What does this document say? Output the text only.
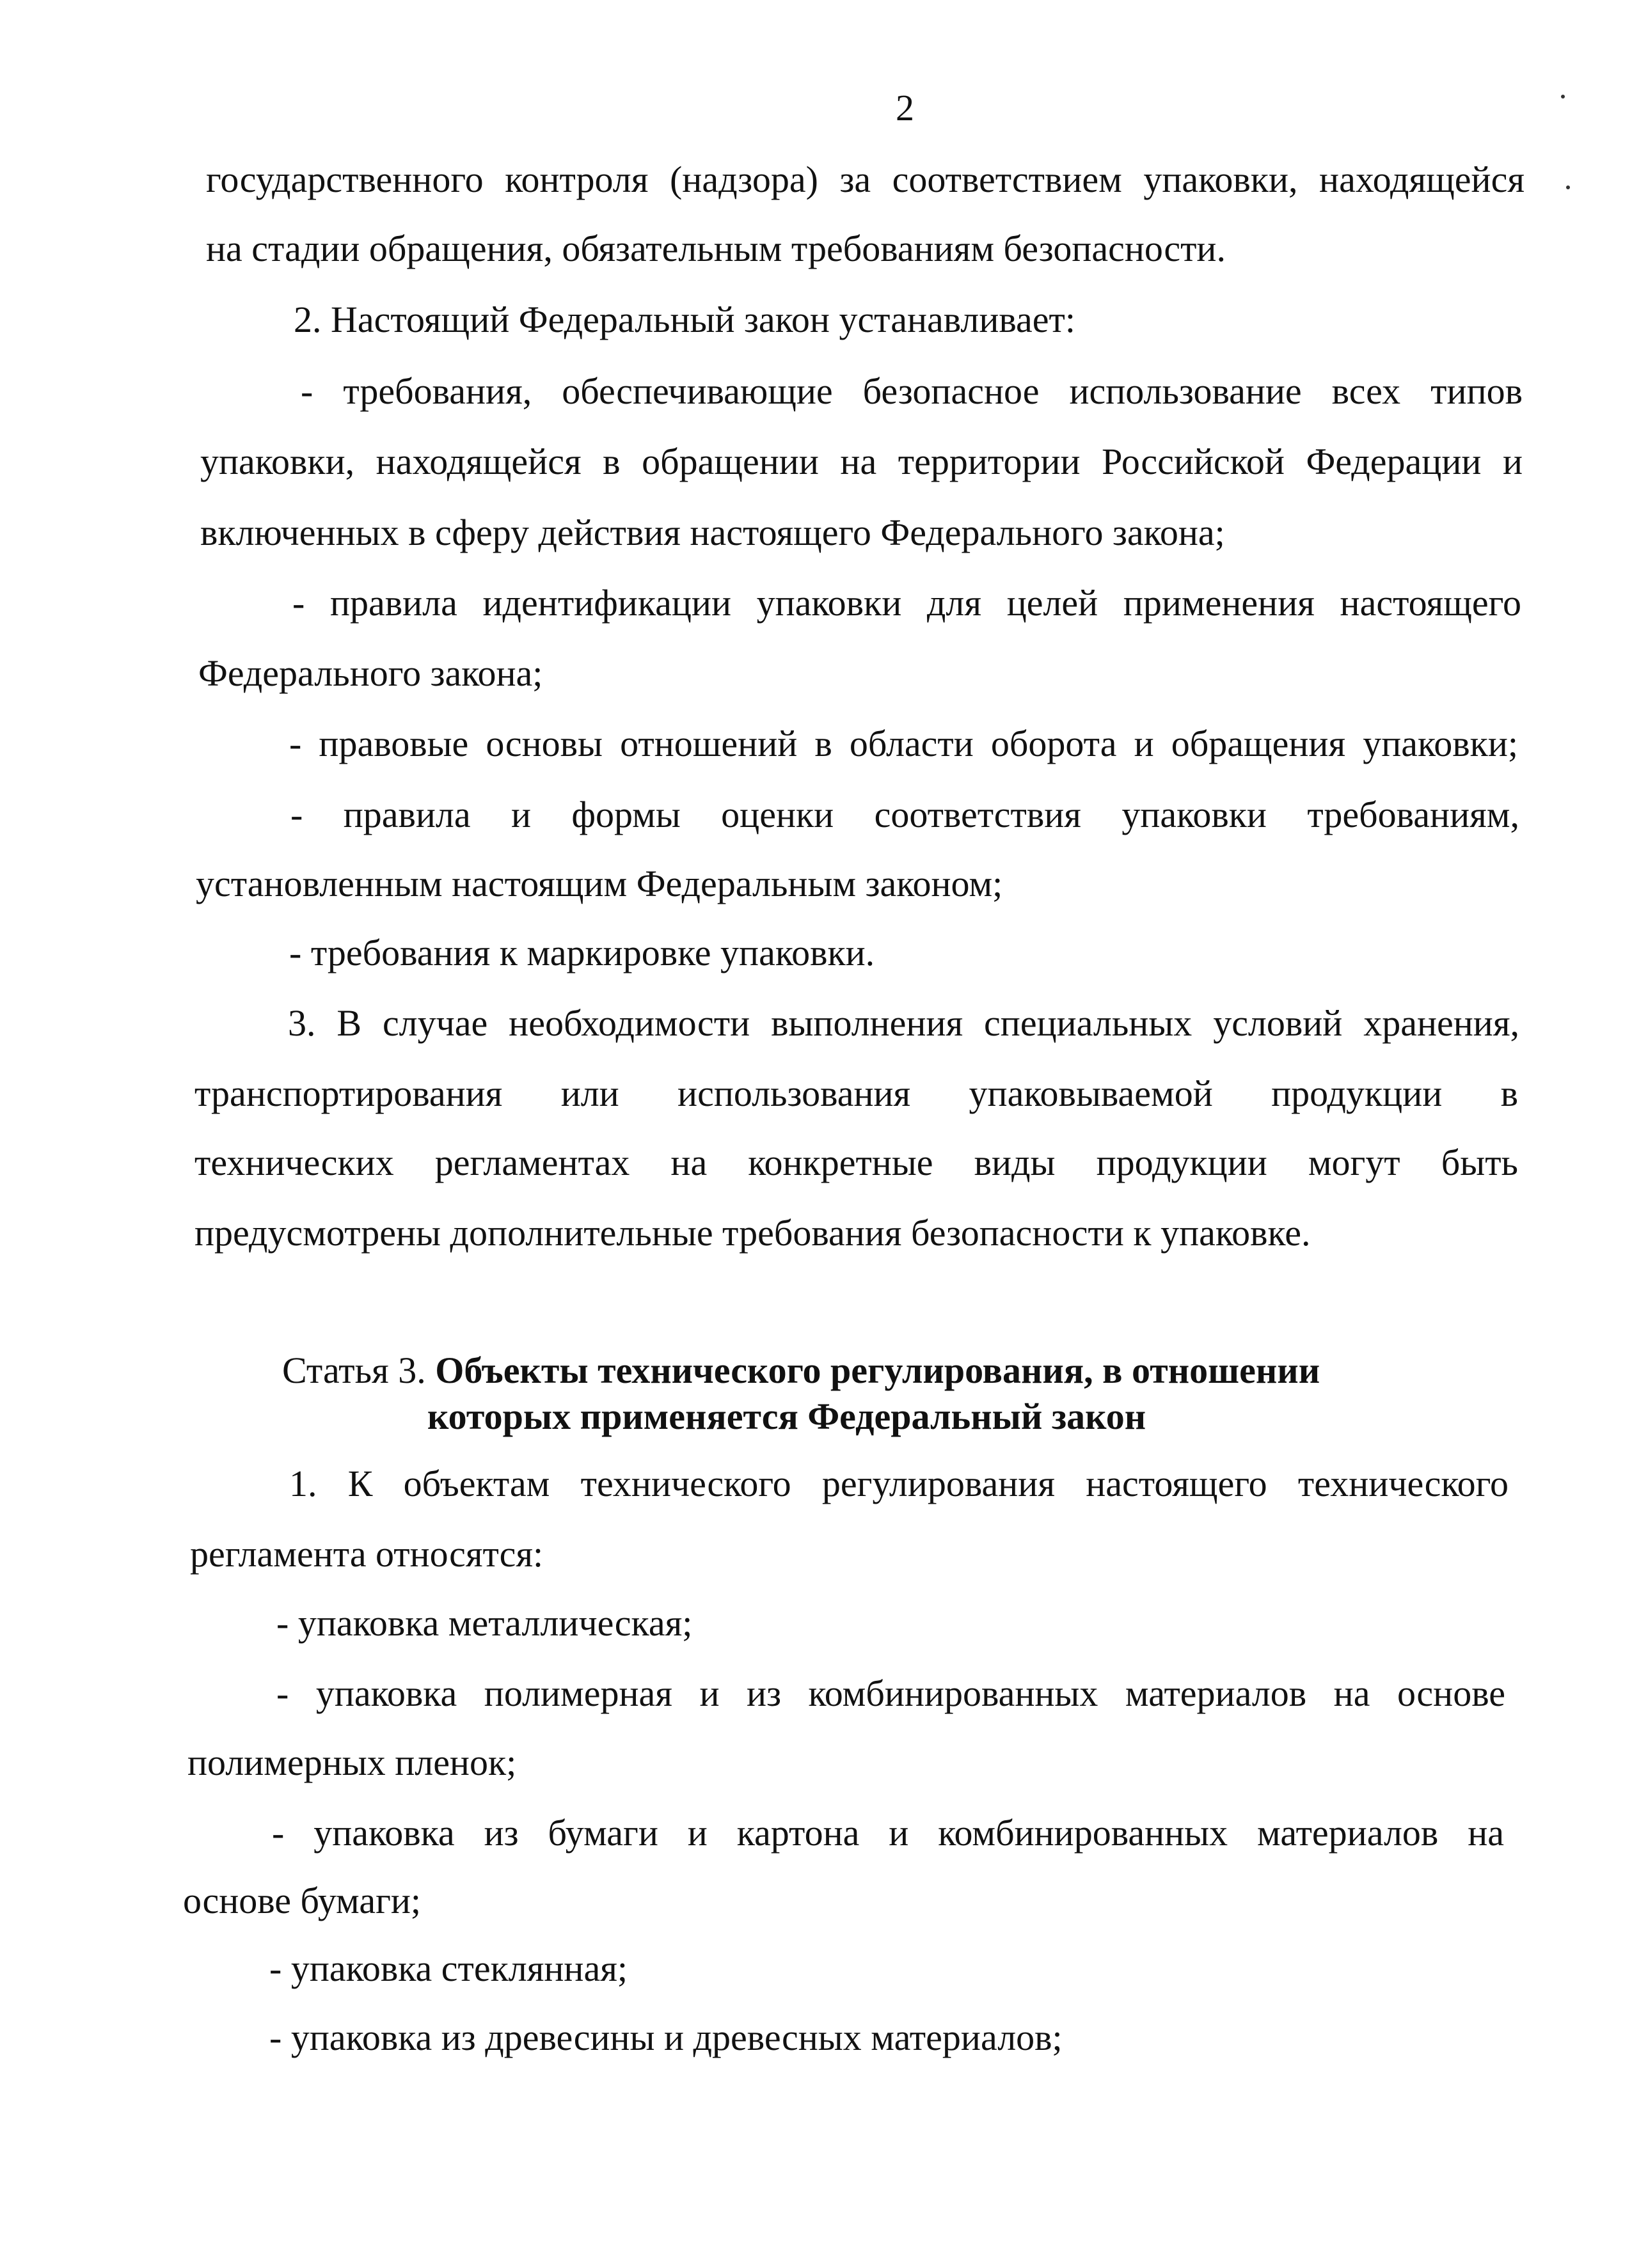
2
государственного контроля (надзора) за соответствием упаковки, находящейся
на стадии обращения, обязательным требованиям безопасности.
2. Настоящий Федеральный закон устанавливает:
- требования, обеспечивающие безопасное использование всех типов
упаковки, находящейся в обращении на территории Российской Федерации и
включенных в сферу действия настоящего Федерального закона;
- правила идентификации упаковки для целей применения настоящего
Федерального закона;
- правовые основы отношений в области оборота и обращения упаковки;
- правила и формы оценки соответствия упаковки требованиям,
установленным настоящим Федеральным законом;
- требования к маркировке упаковки.
3. В случае необходимости выполнения специальных условий хранения,
транспортирования или использования упаковываемой продукции в
технических регламентах на конкретные виды продукции могут быть
предусмотрены дополнительные требования безопасности к упаковке.
Статья 3. Объекты технического регулирования, в отношении
которых применяется Федеральный закон
1. К объектам технического регулирования настоящего технического
регламента относятся:
- упаковка металлическая;
- упаковка полимерная и из комбинированных материалов на основе
полимерных пленок;
- упаковка из бумаги и картона и комбинированных материалов на
основе бумаги;
- упаковка стеклянная;
- упаковка из древесины и древесных материалов;
